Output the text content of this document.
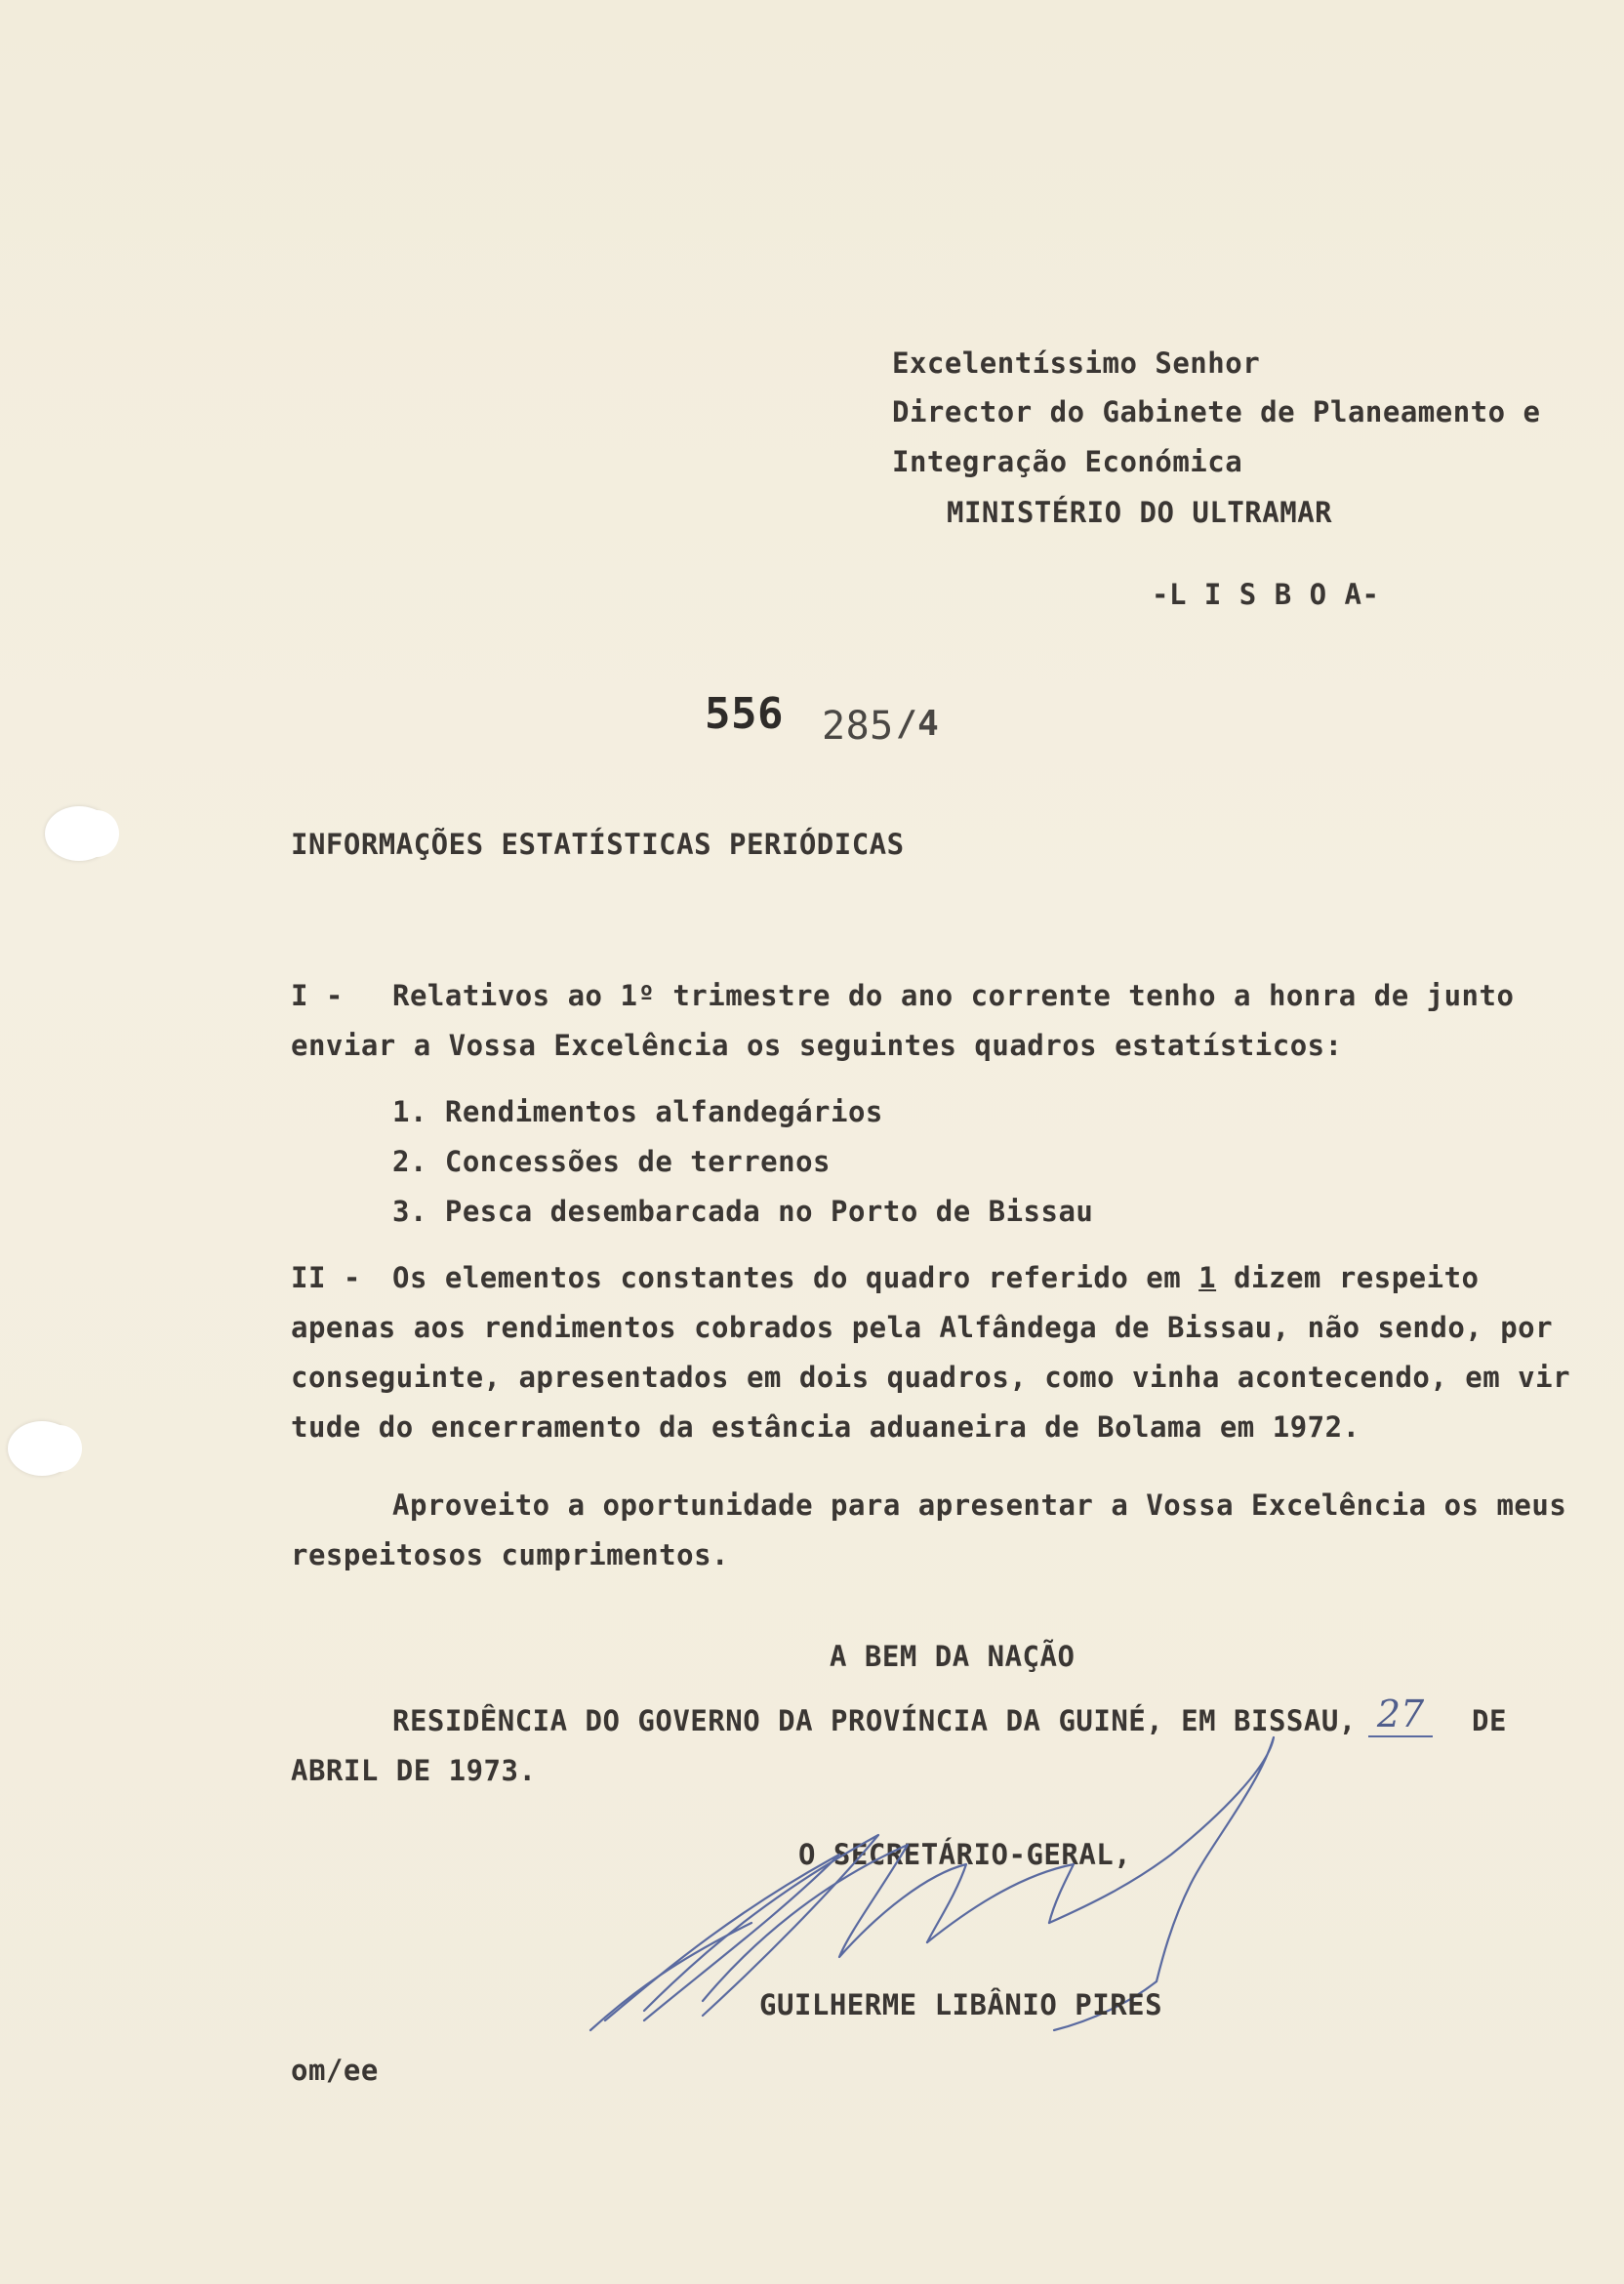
Excelentíssimo Senhor
Director do Gabinete de Planeamento e
Integração Económica
MINISTÉRIO DO ULTRAMAR
-L I S B O A-
556 285 /4
INFORMAÇÕES ESTATÍSTICAS PERIÓDICAS
I - Relativos ao 1º trimestre do ano corrente tenho a honra de junto
enviar a Vossa Excelência os seguintes quadros estatísticos:
1. Rendimentos alfandegários
2. Concessões de terrenos
3. Pesca desembarcada no Porto de Bissau
II - Os elementos constantes do quadro referido em 1 dizem respeito
apenas aos rendimentos cobrados pela Alfândega de Bissau, não sendo, por
conseguinte, apresentados em dois quadros, como vinha acontecendo, em vir
tude do encerramento da estância aduaneira de Bolama em 1972.
Aproveito a oportunidade para apresentar a Vossa Excelência os meus
respeitosos cumprimentos.
A BEM DA NAÇÃO
RESIDÊNCIA DO GOVERNO DA PROVÍNCIA DA GUINÉ, EM BISSAU, 27	DE
ABRIL DE 1973.
O SECRETÁRIO-GERAL,
GUILHERME LIBÂNIO PIRES
om/ee
